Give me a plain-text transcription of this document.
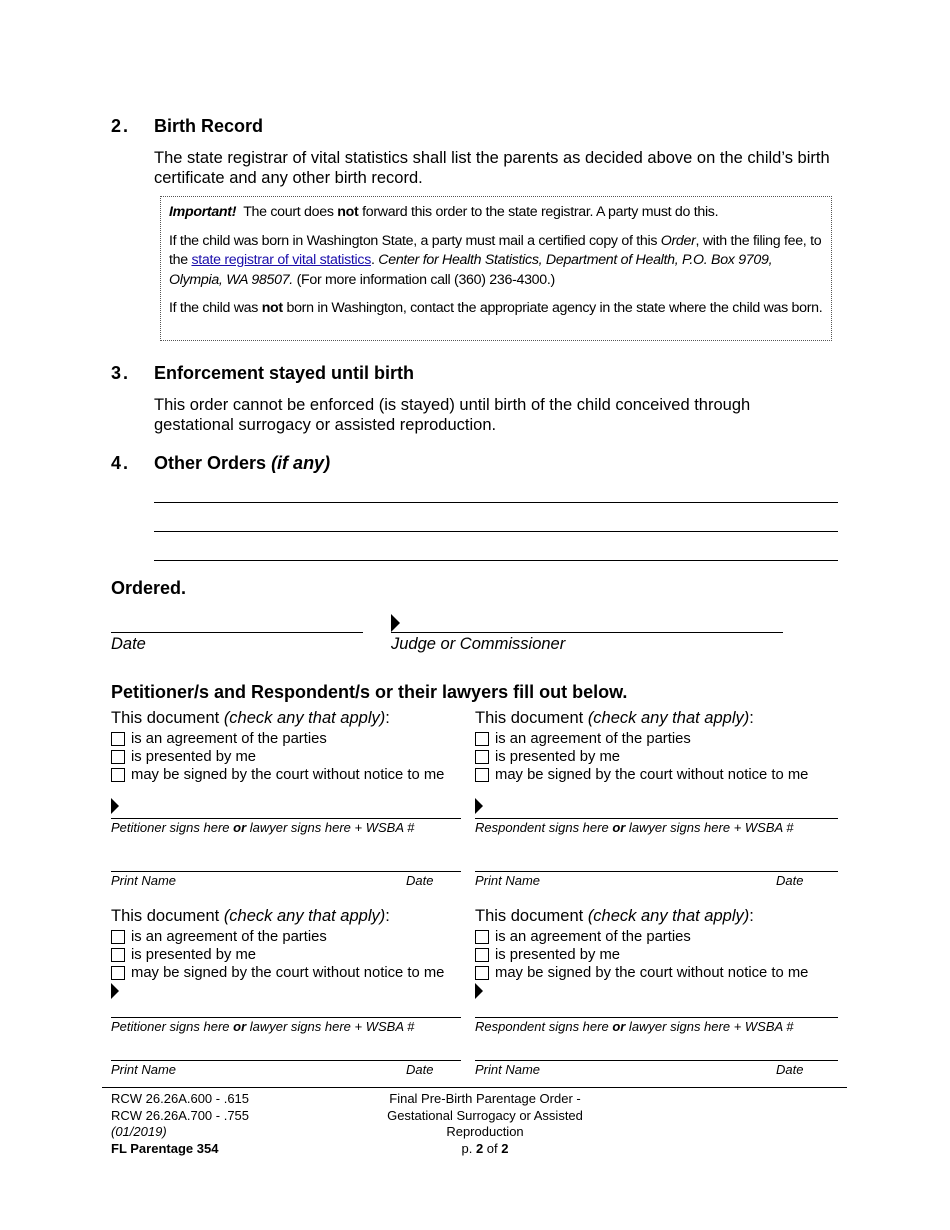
2. Birth Record
The state registrar of vital statistics shall list the parents as decided above on the child’s birth certificate and any other birth record.

Important! The court does not forward this order to the state registrar. A party must do this.

If the child was born in Washington State, a party must mail a certified copy of this Order, with the filing fee, to the state registrar of vital statistics. Center for Health Statistics, Department of Health, P.O. Box 9709, Olympia, WA 98507. (For more information call (360) 236-4300.)

If the child was not born in Washington, contact the appropriate agency in the state where the child was born.

3. Enforcement stayed until birth
This order cannot be enforced (is stayed) until birth of the child conceived through gestational surrogacy or assisted reproduction.
4. Other Orders (if any)
Ordered.
Date	Judge or Commissioner
Petitioner/s and Respondent/s or their lawyers fill out below.
This document (check any that apply):
is an agreement of the parties
is presented by me
may be signed by the court without notice to me
Petitioner signs here or lawyer signs here + WSBA #
Print Name	Date
This document (check any that apply):
is an agreement of the parties
is presented by me
may be signed by the court without notice to me
Respondent signs here or lawyer signs here + WSBA #
Print Name	Date
This document (check any that apply):
is an agreement of the parties
is presented by me
may be signed by the court without notice to me
Petitioner signs here or lawyer signs here + WSBA #
Print Name	Date
This document (check any that apply):
is an agreement of the parties
is presented by me
may be signed by the court without notice to me
Respondent signs here or lawyer signs here + WSBA #
Print Name	Date
RCW 26.26A.600 - .615
RCW 26.26A.700 - .755
(01/2019)
FL Parentage 354
Final Pre-Birth Parentage Order -
Gestational Surrogacy or Assisted
Reproduction
p. 2 of 2
